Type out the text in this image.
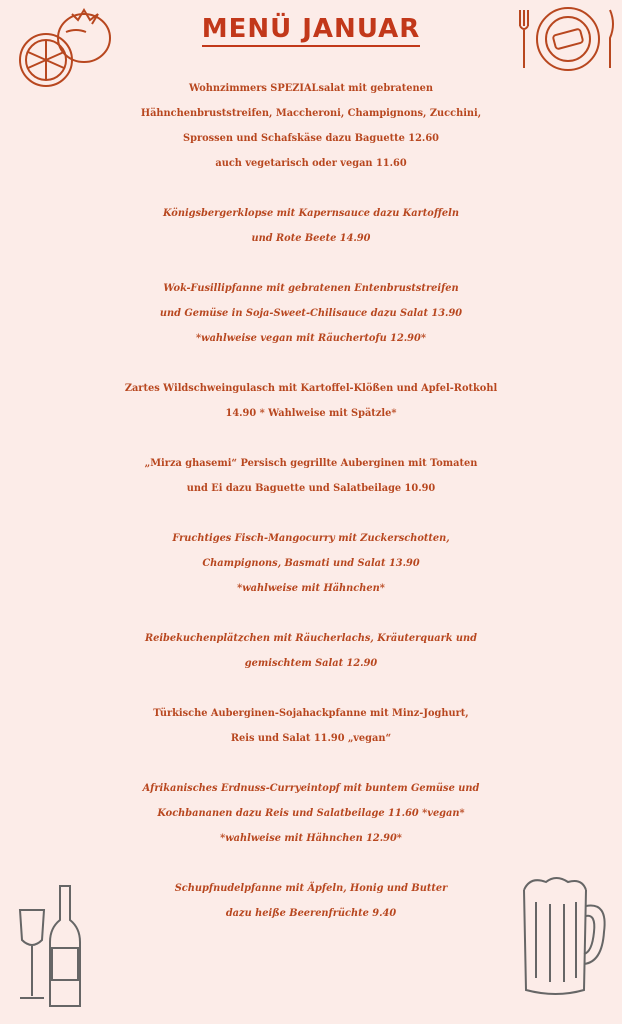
MENÜ JANUAR
Wohnzimmers SPEZIALsalat mit gebratenen
Hähnchenbruststreifen, Maccheroni, Champignons, Zucchini,
Sprossen und Schafskäse dazu Baguette 12.60
auch vegetarisch oder vegan 11.60
Königsbergerklopse mit Kapernsauce dazu Kartoffeln
und Rote Beete 14.90
Wok-Fusillipfanne mit gebratenen Entenbruststreifen
und Gemüse in Soja-Sweet-Chilisauce dazu Salat 13.90
*wahlweise vegan mit Räuchertofu 12.90*
Zartes Wildschweingulasch mit Kartoffel-Klößen und Apfel-Rotkohl
14.90 * Wahlweise mit Spätzle*
„Mirza ghasemi“ Persisch gegrillte Auberginen mit Tomaten
und Ei dazu Baguette und Salatbeilage 10.90
Fruchtiges Fisch-Mangocurry mit Zuckerschotten,
Champignons, Basmati und Salat 13.90
*wahlweise mit Hähnchen*
Reibekuchenplätzchen mit Räucherlachs, Kräuterquark und
gemischtem Salat 12.90
Türkische Auberginen-Sojahackpfanne mit Minz-Joghurt,
Reis und Salat 11.90 „vegan“
Afrikanisches Erdnuss-Curryeintopf mit buntem Gemüse und
Kochbananen dazu Reis und Salatbeilage 11.60 *vegan*
*wahlweise mit Hähnchen 12.90*
Schupfnudelpfanne mit Äpfeln, Honig und Butter
dazu heiße Beerenfrüchte 9.40
